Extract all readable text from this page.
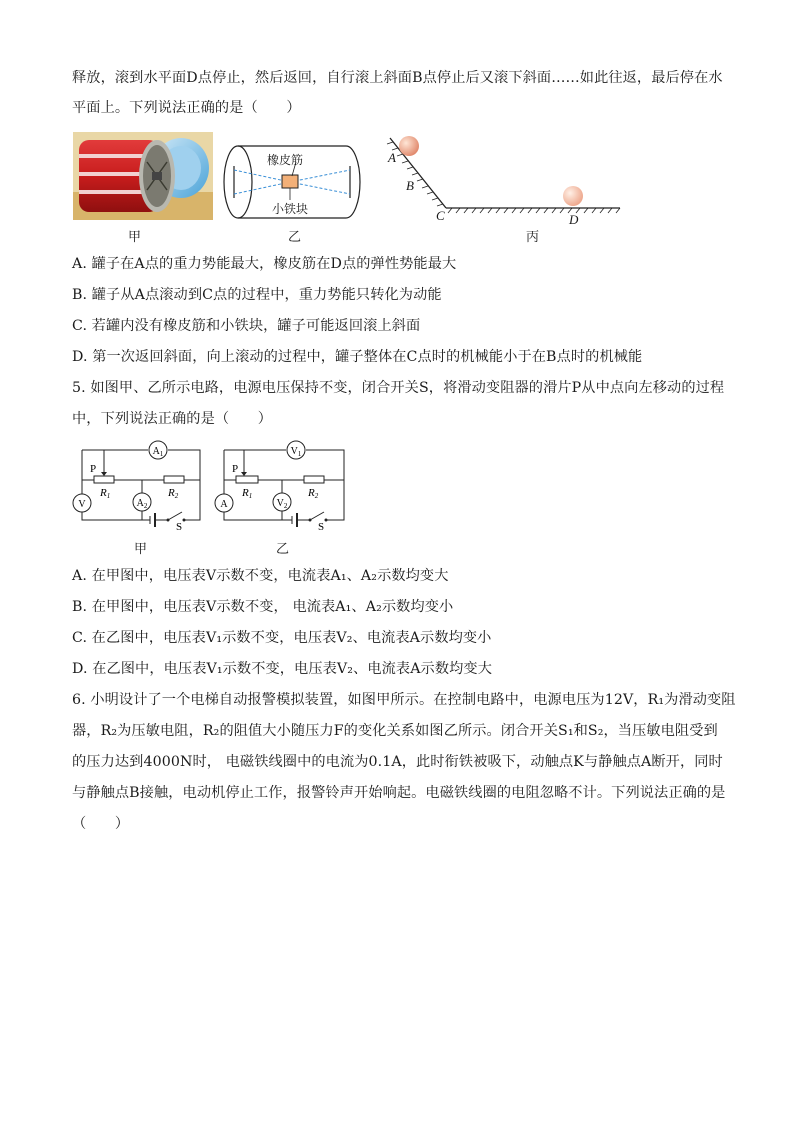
释放，滚到水平面D点停止，然后返回，自行滚上斜面B点停止后又滚下斜面……如此往返，最后停在水
平面上。下列说法正确的是（　　）
甲
橡皮筋
小铁块
乙
A
B
C	D
丙
A. 罐子在A点的重力势能最大，橡皮筋在D点的弹性势能最大
B. 罐子从A点滚动到C点的过程中，重力势能只转化为动能
C. 若罐内没有橡皮筋和小铁块，罐子可能返回滚上斜面
D. 第一次返回斜面，向上滚动的过程中，罐子整体在C点时的机械能小于在B点时的机械能
5. 如图甲、乙所示电路，电源电压保持不变，闭合开关S，将滑动变阻器的滑片P从中点向左移动的过程
中，下列说法正确的是（　　）
$A_1$
V	$A_2$
P
R1	R2
S
甲
$V_1$
A	$V_2$
P
R1	R2
S
乙
A. 在甲图中，电压表V示数不变，电流表A₁、A₂示数均变大
B. 在甲图中，电压表V示数不变， 电流表A₁、A₂示数均变小
C. 在乙图中，电压表V₁示数不变，电压表V₂、电流表A示数均变小
D. 在乙图中，电压表V₁示数不变，电压表V₂、电流表A示数均变大
6. 小明设计了一个电梯自动报警模拟装置，如图甲所示。在控制电路中，电源电压为12V，R₁为滑动变阻
器，R₂为压敏电阻，R₂的阻值大小随压力F的变化关系如图乙所示。闭合开关S₁和S₂，当压敏电阻受到
的压力达到4000N时， 电磁铁线圈中的电流为0.1A，此时衔铁被吸下，动触点K与静触点A断开，同时
与静触点B接触，电动机停止工作，报警铃声开始响起。电磁铁线圈的电阻忽略不计。下列说法正确的是
（　　）
